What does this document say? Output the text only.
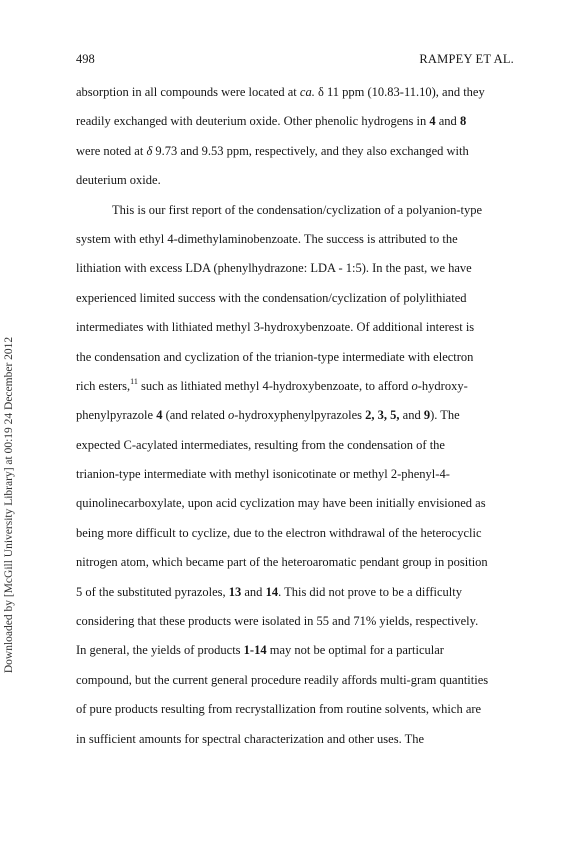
498	RAMPEY ET AL.
Downloaded by [McGill University Library] at 00:19 24 December 2012
absorption in all compounds were located at ca. δ 11 ppm (10.83-11.10), and they
readily exchanged with deuterium oxide. Other phenolic hydrogens in 4 and 8
were noted at δ 9.73 and 9.53 ppm, respectively, and they also exchanged with
deuterium oxide.
This is our first report of the condensation/cyclization of a polyanion-type
system with ethyl 4-dimethylaminobenzoate. The success is attributed to the
lithiation with excess LDA (phenylhydrazone: LDA - 1:5). In the past, we have
experienced limited success with the condensation/cyclization of polylithiated
intermediates with lithiated methyl 3-hydroxybenzoate. Of additional interest is
the condensation and cyclization of the trianion-type intermediate with electron
rich esters,$^{11}$ such as lithiated methyl 4-hydroxybenzoate, to afford o-hydroxy-
phenylpyrazole 4 (and related o-hydroxyphenylpyrazoles 2, 3, 5, and 9). The
expected C-acylated intermediates, resulting from the condensation of the
trianion-type intermediate with methyl isonicotinate or methyl 2-phenyl-4-
quinolinecarboxylate, upon acid cyclization may have been initially envisioned as
being more difficult to cyclize, due to the electron withdrawal of the heterocyclic
nitrogen atom, which became part of the heteroaromatic pendant group in position
5 of the substituted pyrazoles, 13 and 14. This did not prove to be a difficulty
considering that these products were isolated in 55 and 71% yields, respectively.
In general, the yields of products 1-14 may not be optimal for a particular
compound, but the current general procedure readily affords multi-gram quantities
of pure products resulting from recrystallization from routine solvents, which are
in sufficient amounts for spectral characterization and other uses. The
